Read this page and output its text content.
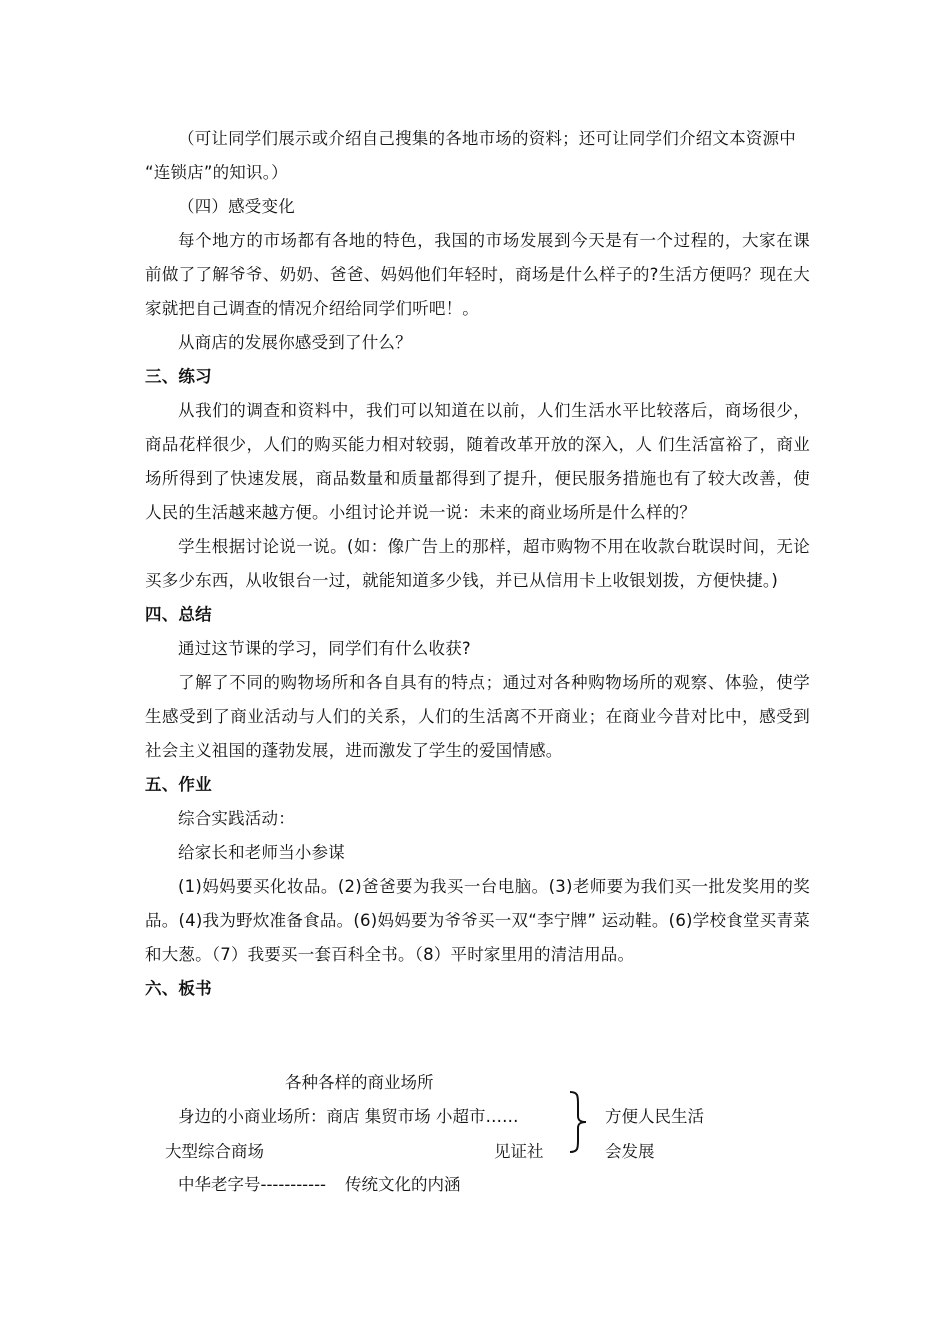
（可让同学们展示或介绍自己搜集的各地市场的资料；还可让同学们介绍文本资源中
“连锁店”的知识。）
（四）感受变化
每个地方的市场都有各地的特色，我国的市场发展到今天是有一个过程的，大家在课前做了了解爷爷、奶奶、爸爸、妈妈他们年轻时，商场是什么样子的?生活方便吗？现在大家就把自己调查的情况介绍给同学们听吧！。
从商店的发展你感受到了什么？
三、练习
从我们的调查和资料中，我们可以知道在以前，人们生活水平比较落后，商场很少，商品花样很少，人们的购买能力相对较弱，随着改革开放的深入，人 们生活富裕了，商业场所得到了快速发展，商品数量和质量都得到了提升，便民服务措施也有了较大改善，使人民的生活越来越方便。小组讨论并说一说：未来的商业场所是什么样的？
学生根据讨论说一说。(如：像广告上的那样，超市购物不用在收款台耽误时间，无论买多少东西，从收银台一过，就能知道多少钱，并已从信用卡上收银划拨，方便快捷。)
四、总结
通过这节课的学习，同学们有什么收获?
了解了不同的购物场所和各自具有的特点；通过对各种购物场所的观察、体验，使学生感受到了商业活动与人们的关系，人们的生活离不开商业；在商业今昔对比中，感受到社会主义祖国的蓬勃发展，进而激发了学生的爱国情感。
五、作业
综合实践活动：
给家长和老师当小参谋
(1)妈妈要买化妆品。(2)爸爸要为我买一台电脑。(3)老师要为我们买一批发奖用的奖品。(4)我为野炊准备食品。(6)妈妈要为爷爷买一双“李宁牌” 运动鞋。(6)学校食堂买青菜和大葱。（7）我要买一套百科全书。（8）平时家里用的清洁用品。
六、板书
各种各样的商业场所
身边的小商业场所：商店 集贸市场 小超市……
大型综合商场	见证社
方便人民生活
会发展
中华老字号----------- 传统文化的内涵
